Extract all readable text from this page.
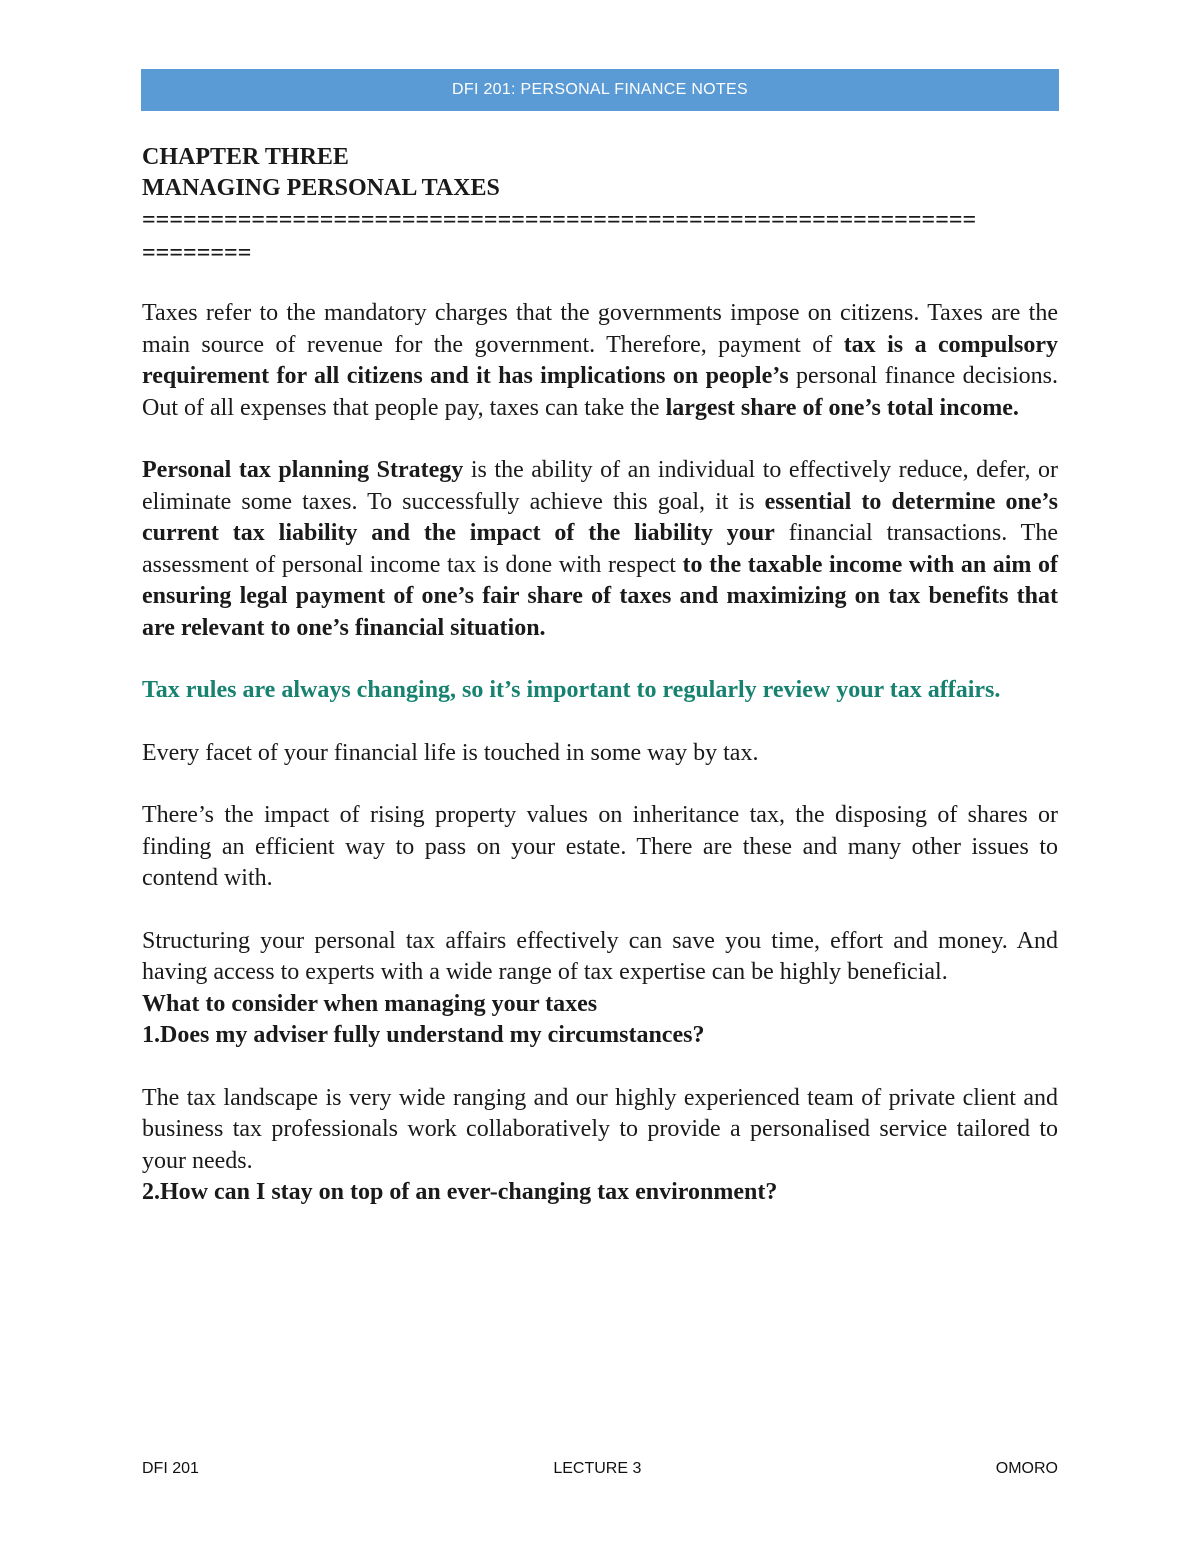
DFI 201: PERSONAL FINANCE NOTES
CHAPTER THREE
MANAGING PERSONAL TAXES
=============================================================
========

Taxes refer to the mandatory charges that the governments impose on citizens. Taxes are the main source of revenue for the government. Therefore, payment of tax is a compulsory requirement for all citizens and it has implications on people’s personal finance decisions. Out of all expenses that people pay, taxes can take the largest share of one’s total income.

Personal tax planning Strategy is the ability of an individual to effectively reduce, defer, or eliminate some taxes. To successfully achieve this goal, it is essential to determine one’s current tax liability and the impact of the liability your financial transactions. The assessment of personal income tax is done with respect to the taxable income with an aim of ensuring legal payment of one’s fair share of taxes and maximizing on tax benefits that are relevant to one’s financial situation.

Tax rules are always changing, so it’s important to regularly review your tax affairs.

Every facet of your financial life is touched in some way by tax.

There’s the impact of rising property values on inheritance tax, the disposing of shares or finding an efficient way to pass on your estate. There are these and many other issues to contend with.

Structuring your personal tax affairs effectively can save you time, effort and money. And having access to experts with a wide range of tax expertise can be highly beneficial.

What to consider when managing your taxes
1.Does my adviser fully understand my circumstances?

The tax landscape is very wide ranging and our highly experienced team of private client and business tax professionals work collaboratively to provide a personalised service tailored to your needs.

2.How can I stay on top of an ever-changing tax environment?
DFI 201	LECTURE 3	OMORO
